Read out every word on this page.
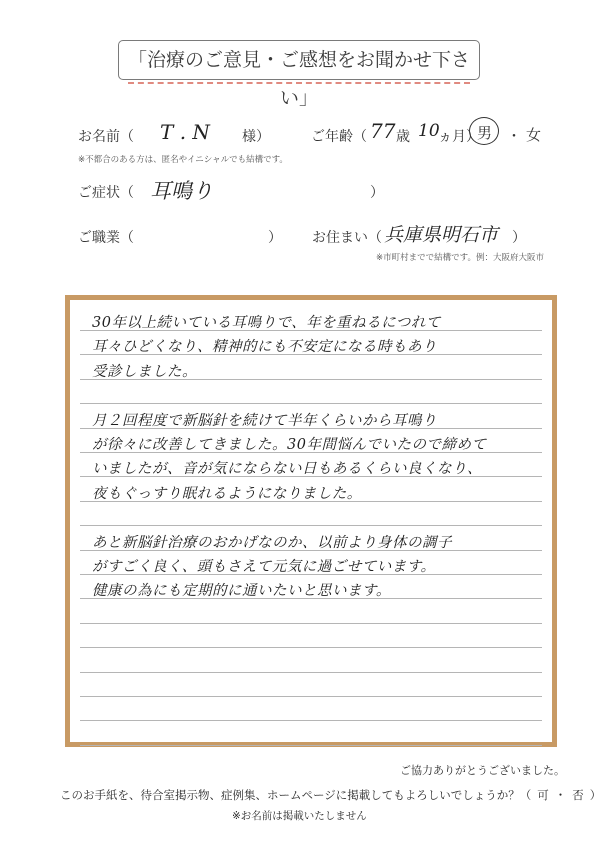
「治療のご意見・ご感想をお聞かせ下さい」
お名前（ T . N 様）
※不都合のある方は、匿名やイニシャルでも結構です。
ご年齢（ 77 歳 10
ヵ月）
男 ・ 女
ご症状（ 耳鳴り	）
ご職業（	） お住まい（ 兵庫県明石市 ）
※市町村までで結構です。例：大阪府大阪市
30年以上続いている耳鳴りで、年を重ねるにつれて
耳々ひどくなり、精神的にも不安定になる時もあり
受診しました。
月２回程度で新脳針を続けて半年くらいから耳鳴り
が徐々に改善してきました。30年間悩んでいたので締めて
いましたが、音が気にならない日もあるくらい良くなり、
夜もぐっすり眠れるようになりました。
あと新脳針治療のおかげなのか、以前より身体の調子
がすごく良く、頭もさえて元気に過ごせています。
健康の為にも定期的に通いたいと思います。
ご協力ありがとうございました。
このお手紙を、待合室掲示物、症例集、ホームページに掲載してもよろしいでしょうか？（ 可 ・ 否 ）
※お名前は掲載いたしません
